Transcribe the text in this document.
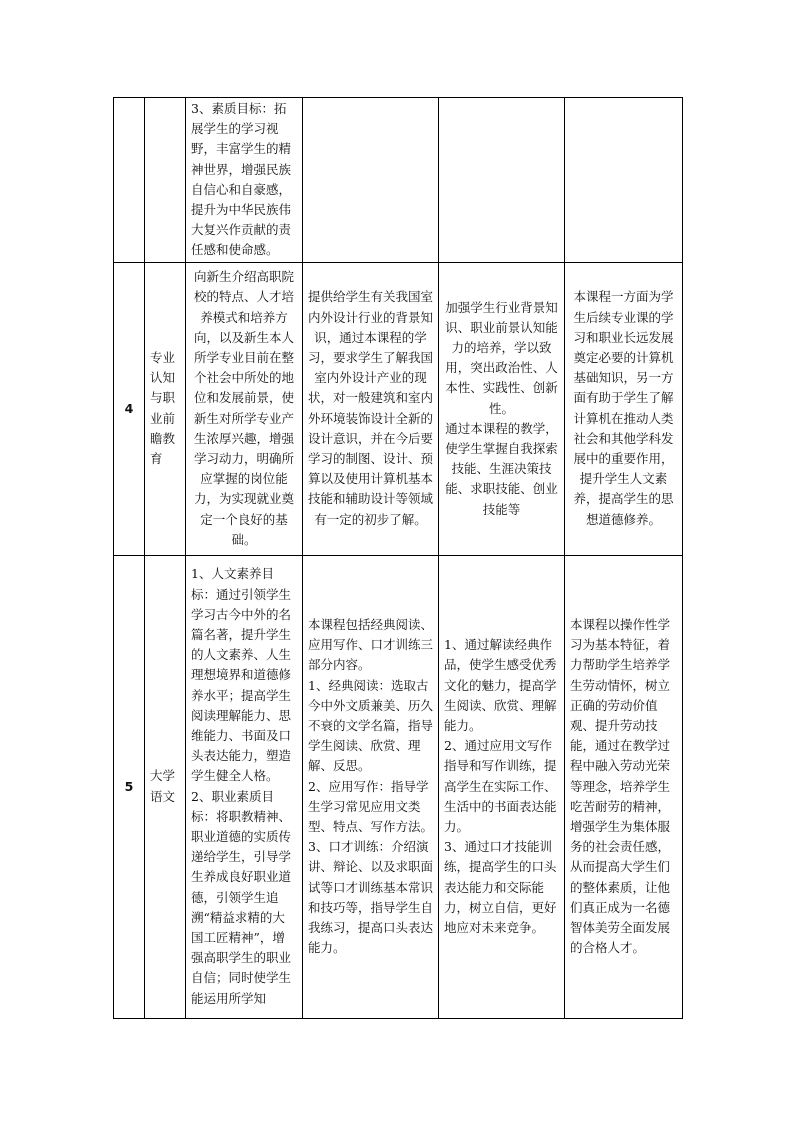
		3、素质目标：拓展学生的学习视野，丰富学生的精神世界，增强民族自信心和自豪感，提升为中华民族伟大复兴作贡献的责任感和使命感。			
4	专业认知与职业前瞻教育	向新生介绍高职院校的特点、人才培养模式和培养方向，以及新生本人所学专业目前在整个社会中所处的地位和发展前景，使新生对所学专业产生浓厚兴趣，增强学习动力，明确所应掌握的岗位能力，为实现就业奠定一个良好的基础。	提供给学生有关我国室内外设计行业的背景知识，通过本课程的学习，要求学生了解我国室内外设计产业的现状，对一般建筑和室内外环境装饰设计全新的设计意识，并在今后要学习的制图、设计、预算以及使用计算机基本技能和辅助设计等领域有一定的初步了解。	加强学生行业背景知识、职业前景认知能力的培养，学以致用，突出政治性、人本性、实践性、创新性。
通过本课程的教学，使学生掌握自我探索技能、生涯决策技能、求职技能、创业技能等	本课程一方面为学生后续专业课的学习和职业长远发展奠定必要的计算机基础知识，另一方面有助于学生了解计算机在推动人类社会和其他学科发展中的重要作用，提升学生人文素养，提高学生的思想道德修养。
5	大学语文	1、人文素养目标：通过引领学生学习古今中外的名篇名著，提升学生的人文素养、人生理想境界和道德修养水平；提高学生阅读理解能力、思维能力、书面及口头表达能力，塑造学生健全人格。
2、职业素质目标：将职教精神、职业道德的实质传递给学生，引导学生养成良好职业道德，引领学生追溯“精益求精的大国工匠精神”，增强高职学生的职业自信；同时使学生能运用所学知	本课程包括经典阅读、应用写作、口才训练三部分内容。
1、经典阅读：选取古今中外文质兼美、历久不衰的文学名篇，指导学生阅读、欣赏、理解、反思。
2、应用写作：指导学生学习常见应用文类型、特点、写作方法。
3、口才训练：介绍演讲、辩论、以及求职面试等口才训练基本常识和技巧等，指导学生自我练习，提高口头表达能力。	1、通过解读经典作品，使学生感受优秀文化的魅力，提高学生阅读、欣赏、理解能力。
2、通过应用文写作指导和写作训练，提高学生在实际工作、生活中的书面表达能力。
3、通过口才技能训练，提高学生的口头表达能力和交际能力，树立自信，更好地应对未来竞争。	本课程以操作性学习为基本特征，着力帮助学生培养学生劳动情怀，树立正确的劳动价值观、提升劳动技能，通过在教学过程中融入劳动光荣等理念，培养学生吃苦耐劳的精神，增强学生为集体服务的社会责任感，从而提高大学生们的整体素质，让他们真正成为一名德智体美劳全面发展的合格人才。
